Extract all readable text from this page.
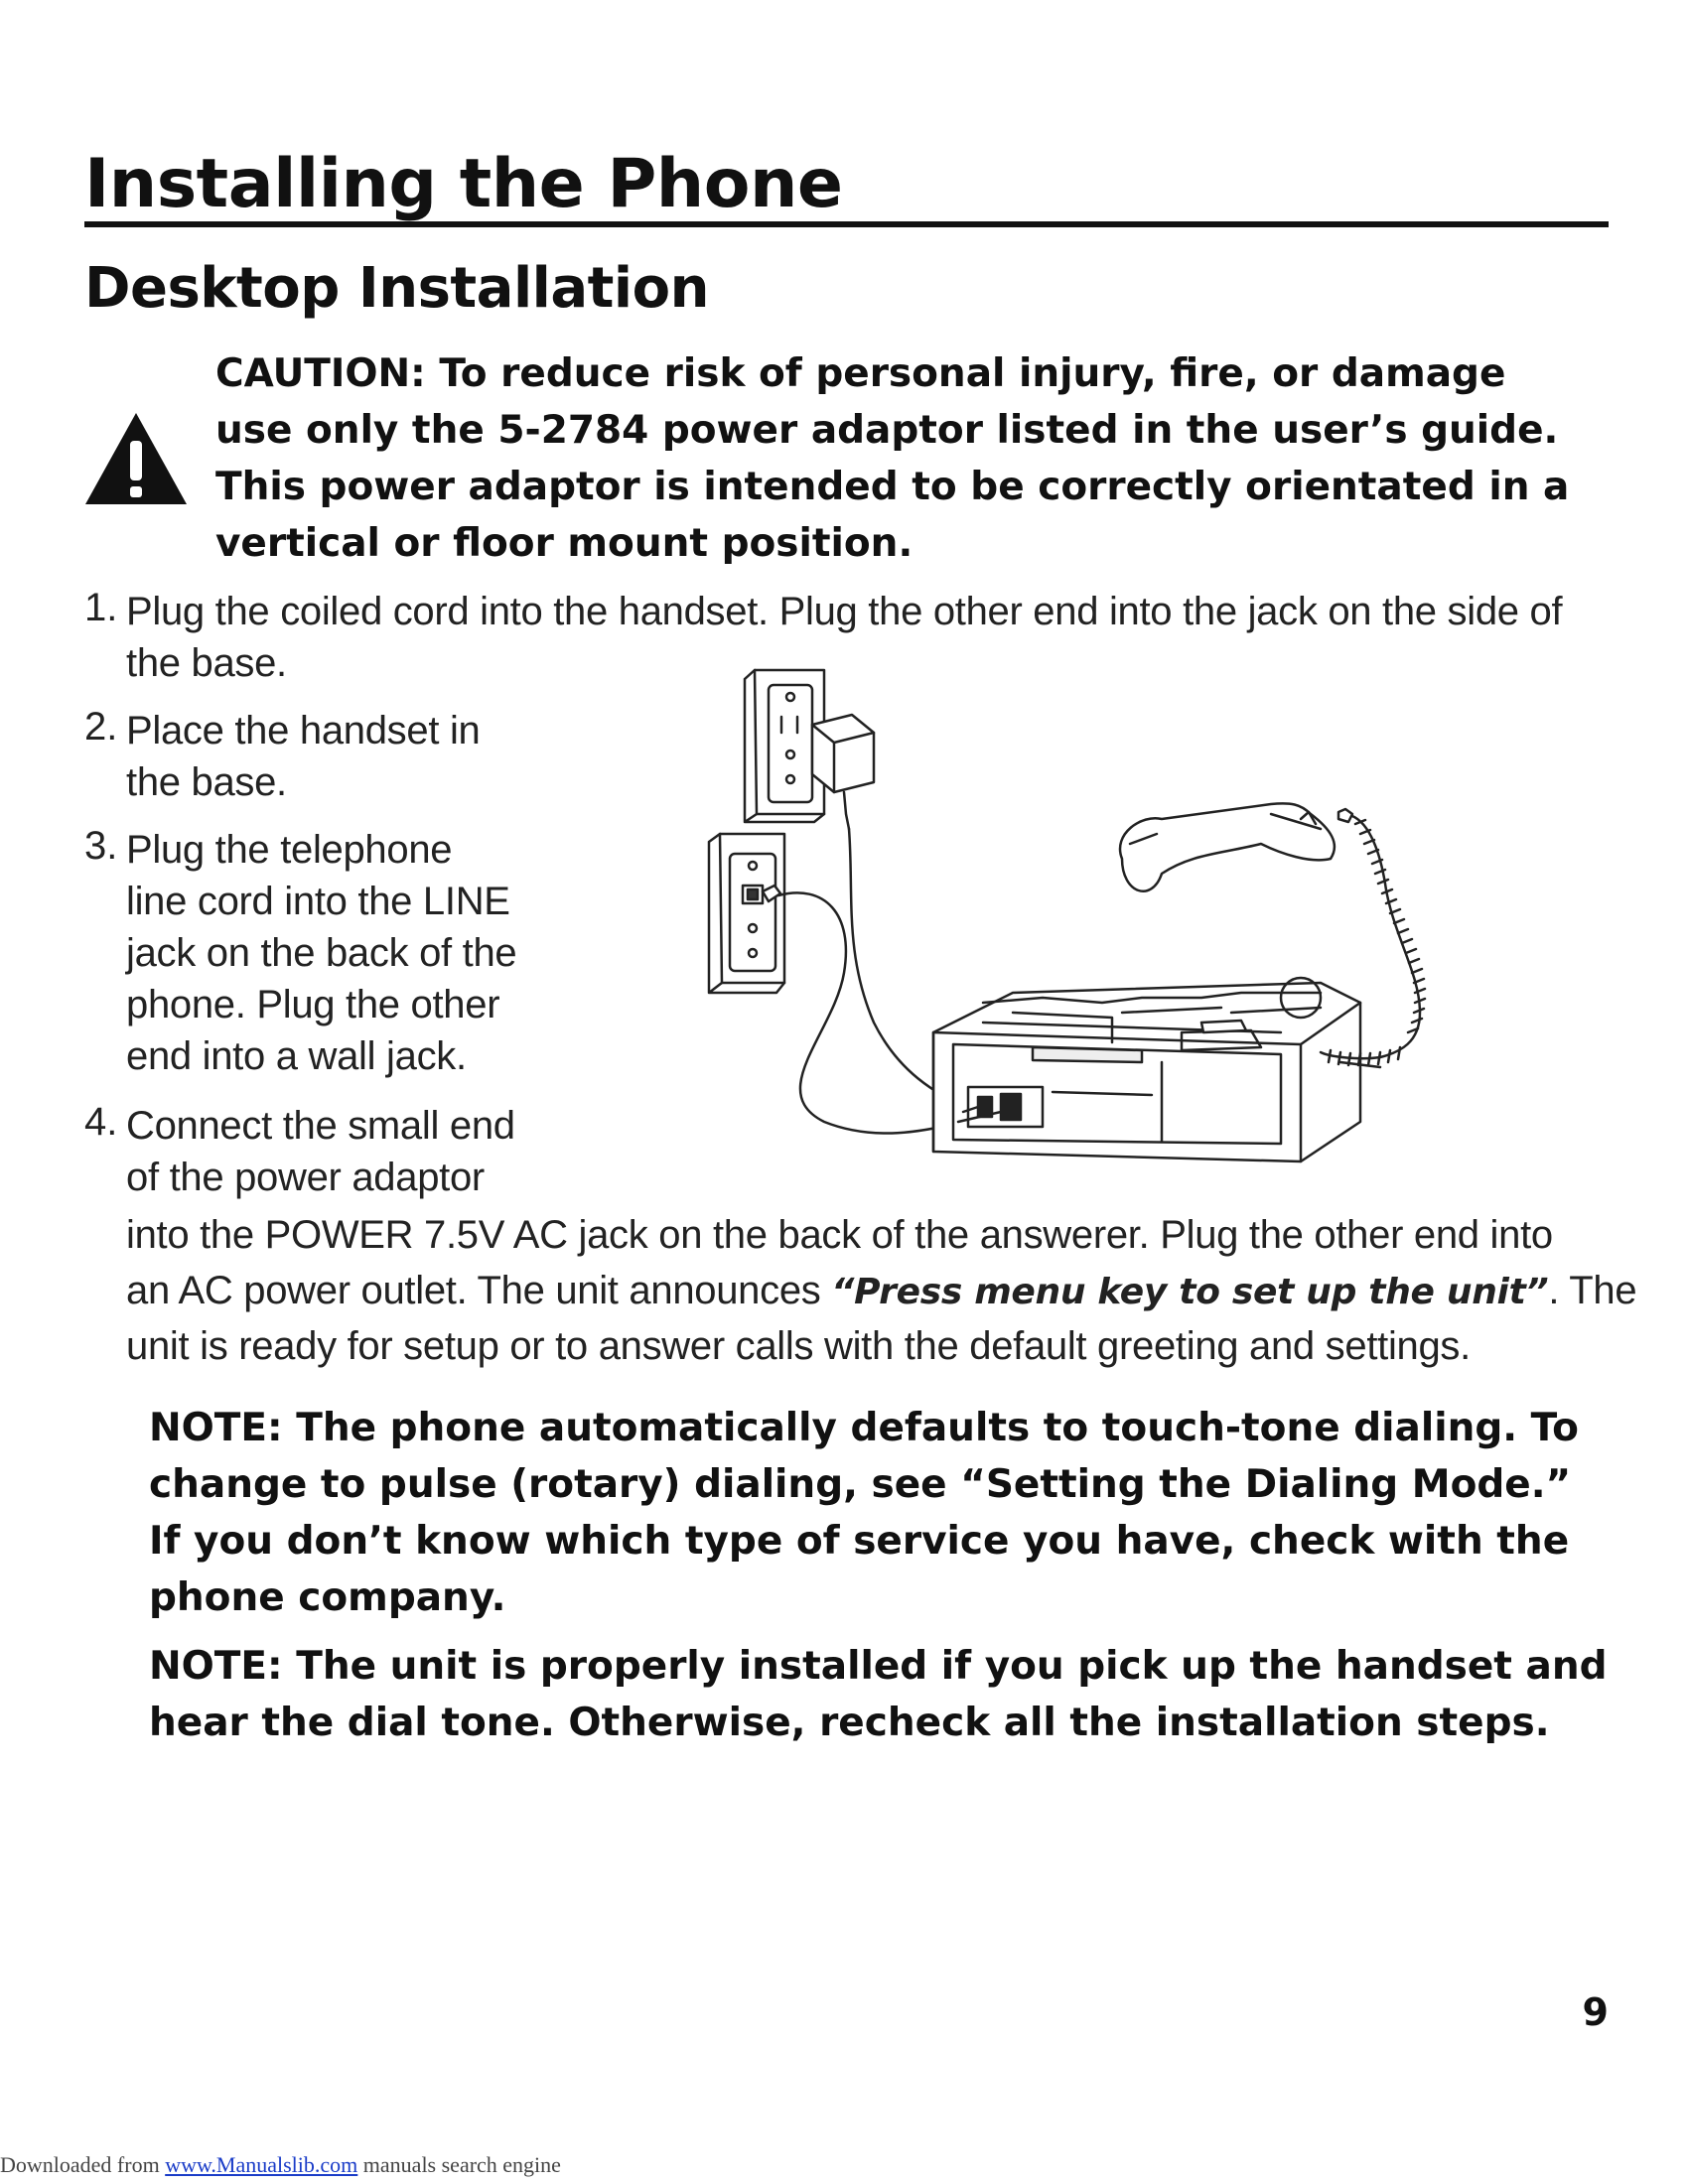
Installing the Phone
Desktop Installation
CAUTION: To reduce risk of personal injury, fire, or damage
use only the 5-2784 power adaptor listed in the user’s guide.
This power adaptor is intended to be correctly orientated in a
vertical or floor mount position.
1. Plug the coiled cord into the handset. Plug the other end into the jack on the side of
the base.
2. Place the handset in
the base.
3. Plug the telephone
line cord into the LINE
jack on the back of the
phone. Plug the other
end into a wall jack.
4. Connect the small end
of the power adaptor
into the POWER 7.5V AC jack on the back of the answerer. Plug the other end into
an AC power outlet. The unit announces “Press menu key to set up the unit”. The
unit is ready for setup or to answer calls with the default greeting and settings.
NOTE: The phone automatically defaults to touch-tone dialing. To
change to pulse (rotary) dialing, see “Setting the Dialing Mode.”
If you don’t know which type of service you have, check with the
phone company.
NOTE: The unit is properly installed if you pick up the handset and
hear the dial tone. Otherwise, recheck all the installation steps.
9
Downloaded from www.Manualslib.com manuals search engine
